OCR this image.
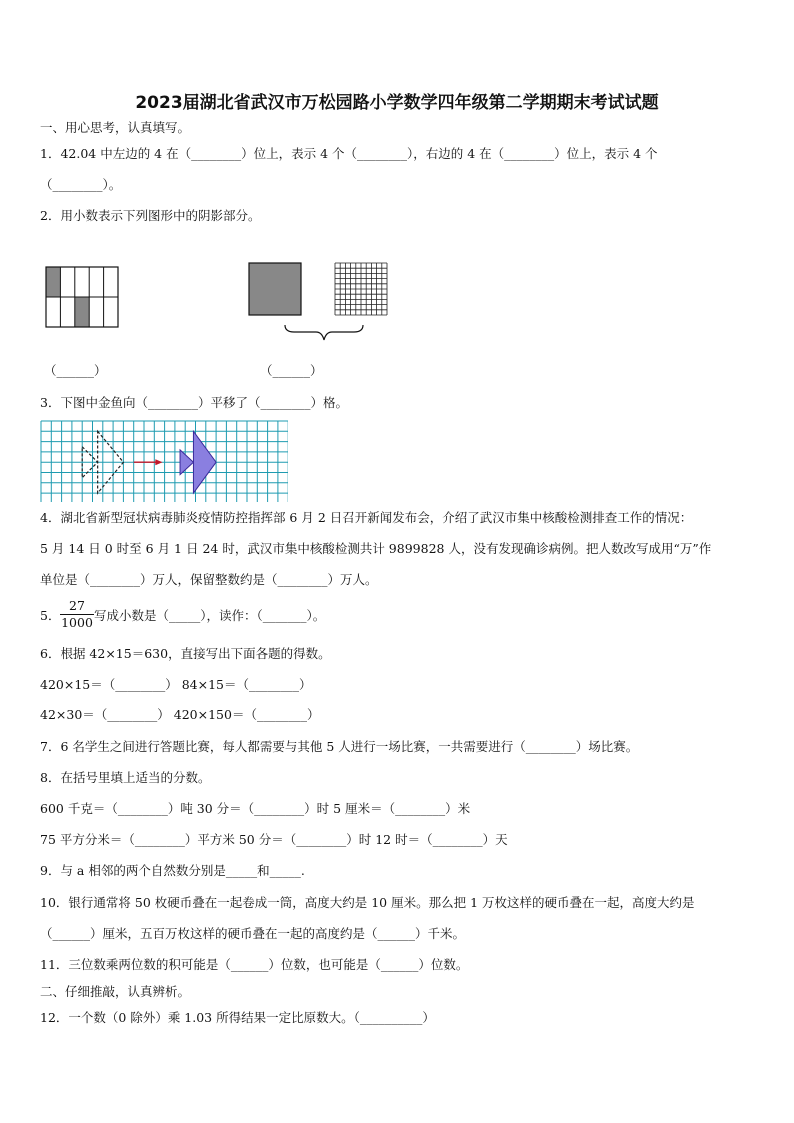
2023届湖北省武汉市万松园路小学数学四年级第二学期期末考试试题
一、用心思考，认真填写。
1．42.04 中左边的 4 在（________）位上，表示 4 个（________），右边的 4 在（________）位上，表示 4 个
（________）。
2．用小数表示下列图形中的阴影部分。
（______）	（______）
3．下图中金鱼向（________）平移了（________）格。
4．湖北省新型冠状病毒肺炎疫情防控指挥部 6 月 2 日召开新闻发布会，介绍了武汉市集中核酸检测排查工作的情况：
5 月 14 日 0 时至 6 月 1 日 24 时，武汉市集中核酸检测共计 9899828 人，没有发现确诊病例。把人数改写成用“万”作
单位是（________）万人，保留整数约是（________）万人。
5． $\frac{27}{1000}$ 写成小数是（_____），读作：（_______）。
6．根据 42×15＝630，直接写出下面各题的得数。
420×15＝（________） 84×15＝（________）
42×30＝（________） 420×150＝（________）
7．6 名学生之间进行答题比赛，每人都需要与其他 5 人进行一场比赛，一共需要进行（________）场比赛。
8．在括号里填上适当的分数。
600 千克＝（________）吨 30 分＝（________）时 5 厘米＝（________）米
75 平方分米＝（________）平方米 50 分＝（________）时 12 时＝（________）天
9．与 a 相邻的两个自然数分别是_____和_____.
10．银行通常将 50 枚硬币叠在一起卷成一筒，高度大约是 10 厘米。那么把 1 万枚这样的硬币叠在一起，高度大约是
（______）厘米，五百万枚这样的硬币叠在一起的高度约是（______）千米。
11．三位数乘两位数的积可能是（______）位数，也可能是（______）位数。
二、仔细推敲，认真辨析。
12．一个数（0 除外）乘 1.03 所得结果一定比原数大。（__________）
